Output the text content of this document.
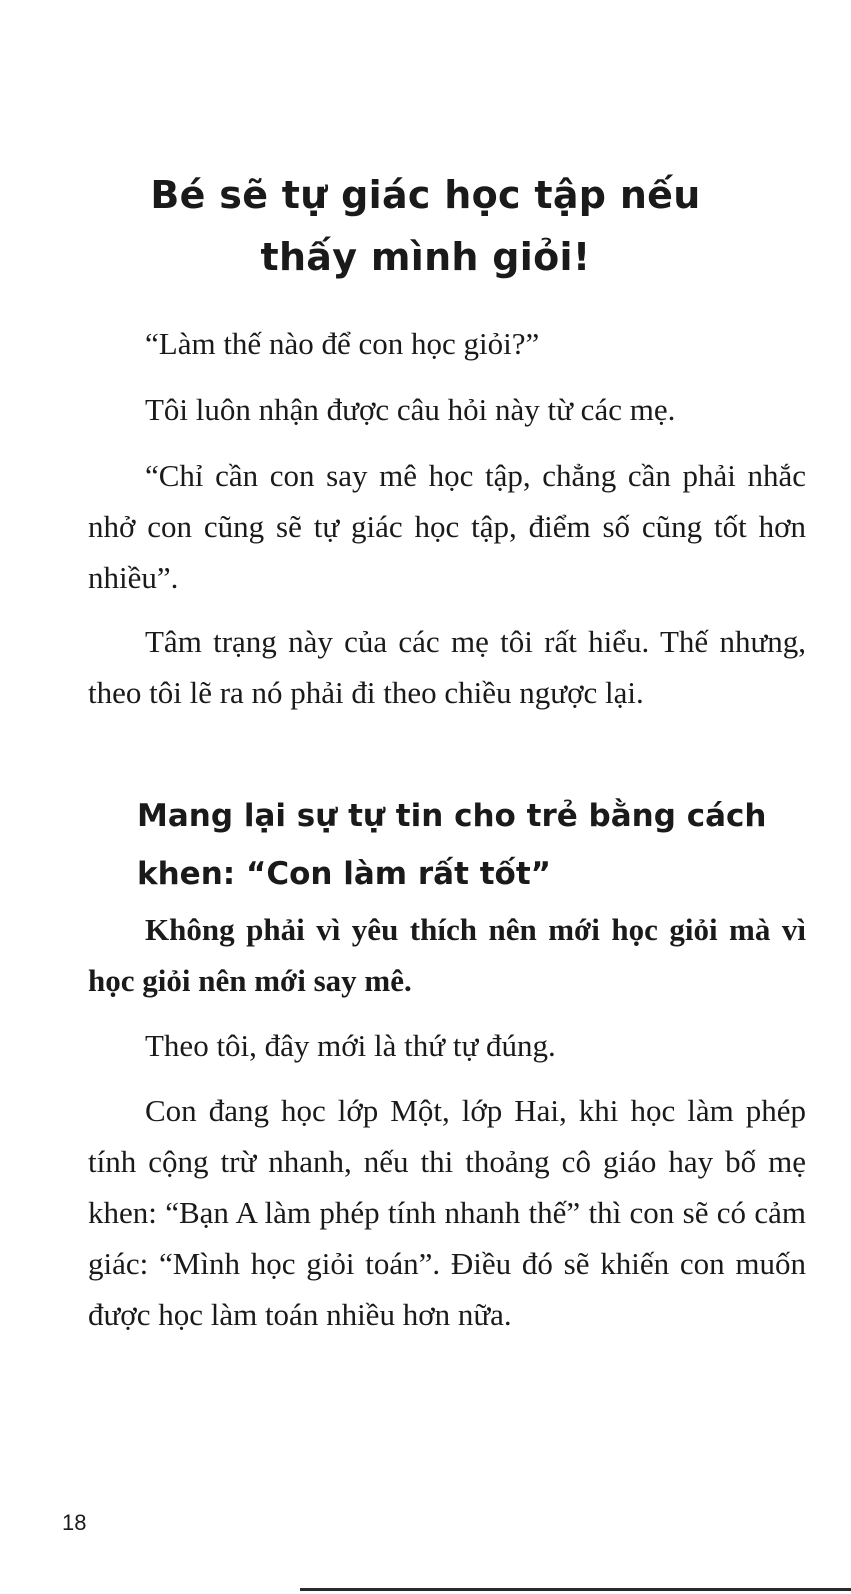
Bé sẽ tự giác học tập nếu
thấy mình giỏi!

“Làm thế nào để con học giỏi?”

Tôi luôn nhận được câu hỏi này từ các mẹ.

“Chỉ cần con say mê học tập, chẳng cần phải nhắc nhở con cũng sẽ tự giác học tập, điểm số cũng tốt hơn nhiều”.

Tâm trạng này của các mẹ tôi rất hiểu. Thế nhưng, theo tôi lẽ ra nó phải đi theo chiều ngược lại.

Mang lại sự tự tin cho trẻ bằng cách
khen: “Con làm rất tốt”

Không phải vì yêu thích nên mới học giỏi mà vì học giỏi nên mới say mê.

Theo tôi, đây mới là thứ tự đúng.

Con đang học lớp Một, lớp Hai, khi học làm phép tính cộng trừ nhanh, nếu thi thoảng cô giáo hay bố mẹ khen: “Bạn A làm phép tính nhanh thế” thì con sẽ có cảm giác: “Mình học giỏi toán”. Điều đó sẽ khiến con muốn được học làm toán nhiều hơn nữa.

18
